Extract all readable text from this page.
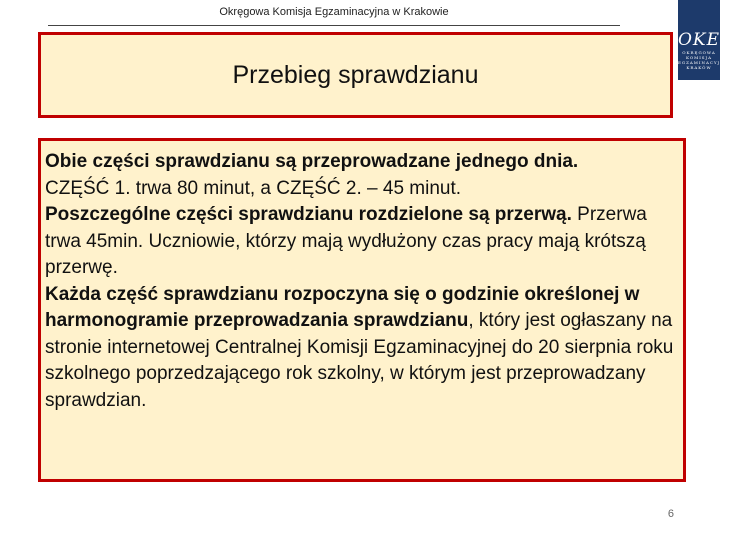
Okręgowa Komisja Egzaminacyjna w Krakowie
OKE
OKRĘGOWA
KOMISJA
EGZAMINACYJNA
KRAKÓW
Przebieg sprawdzianu

Obie części sprawdzianu są przeprowadzane jednego dnia.

CZĘŚĆ 1. trwa 80 minut, a CZĘŚĆ 2. – 45 minut.

Poszczególne części sprawdzianu rozdzielone są przerwą. Przerwa trwa 45min. Uczniowie, którzy mają wydłużony czas pracy mają krótszą przerwę.

Każda część sprawdzianu rozpoczyna się o godzinie określonej w harmonogramie przeprowadzania sprawdzianu, który jest ogłaszany na stronie internetowej Centralnej Komisji Egzaminacyjnej do 20 sierpnia roku szkolnego poprzedzającego rok szkolny, w którym jest przeprowadzany sprawdzian.

6
